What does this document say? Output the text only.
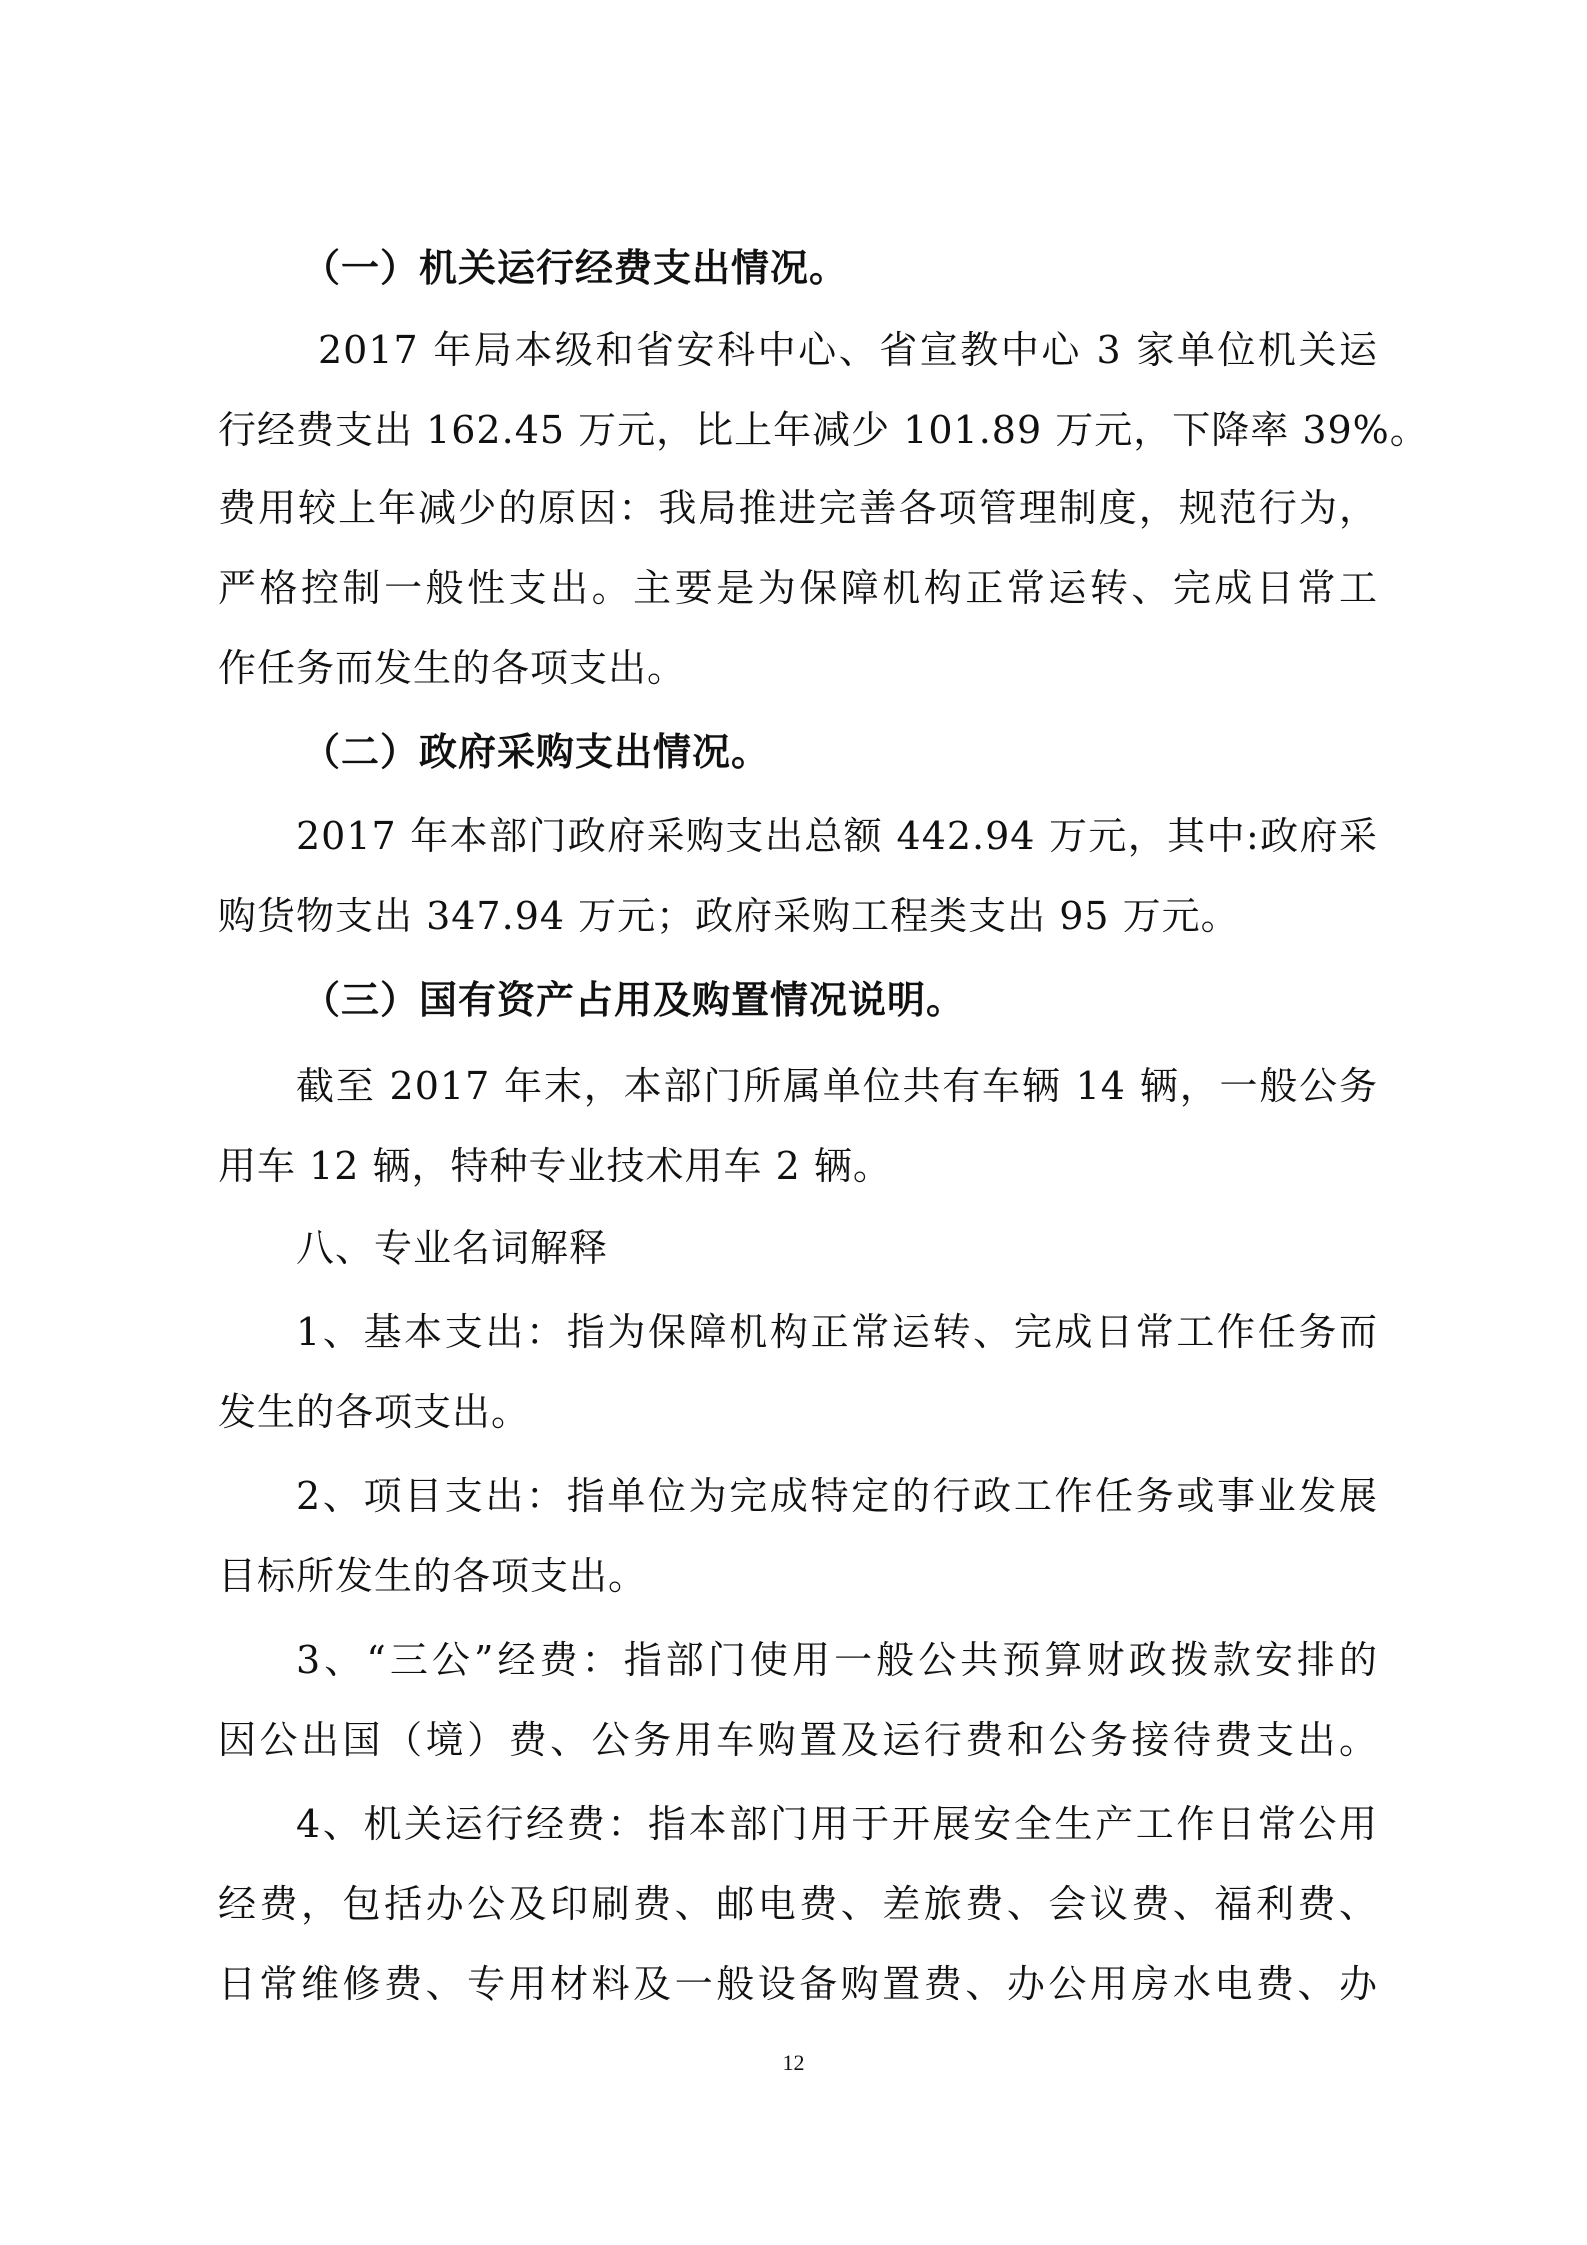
（一）机关运行经费支出情况。
2017 年局本级和省安科中心、省宣教中心 3 家单位机关运
行经费支出 162.45 万元，比上年减少 101.89 万元，下降率 39%。
费用较上年减少的原因：我局推进完善各项管理制度，规范行为，
严格控制一般性支出。主要是为保障机构正常运转、完成日常工
作任务而发生的各项支出。
（二）政府采购支出情况。
2017 年本部门政府采购支出总额 442.94 万元，其中:政府采
购货物支出 347.94 万元；政府采购工程类支出 95 万元。
（三）国有资产占用及购置情况说明。
截至 2017 年末，本部门所属单位共有车辆 14 辆，一般公务
用车 12 辆，特种专业技术用车 2 辆。
八、专业名词解释
1、基本支出：指为保障机构正常运转、完成日常工作任务而
发生的各项支出。
2、项目支出：指单位为完成特定的行政工作任务或事业发展
目标所发生的各项支出。
3、“三公”经费：指部门使用一般公共预算财政拨款安排的
因公出国（境）费、公务用车购置及运行费和公务接待费支出。
4、机关运行经费：指本部门用于开展安全生产工作日常公用
经费，包括办公及印刷费、邮电费、差旅费、会议费、福利费、
日常维修费、专用材料及一般设备购置费、办公用房水电费、办
12
